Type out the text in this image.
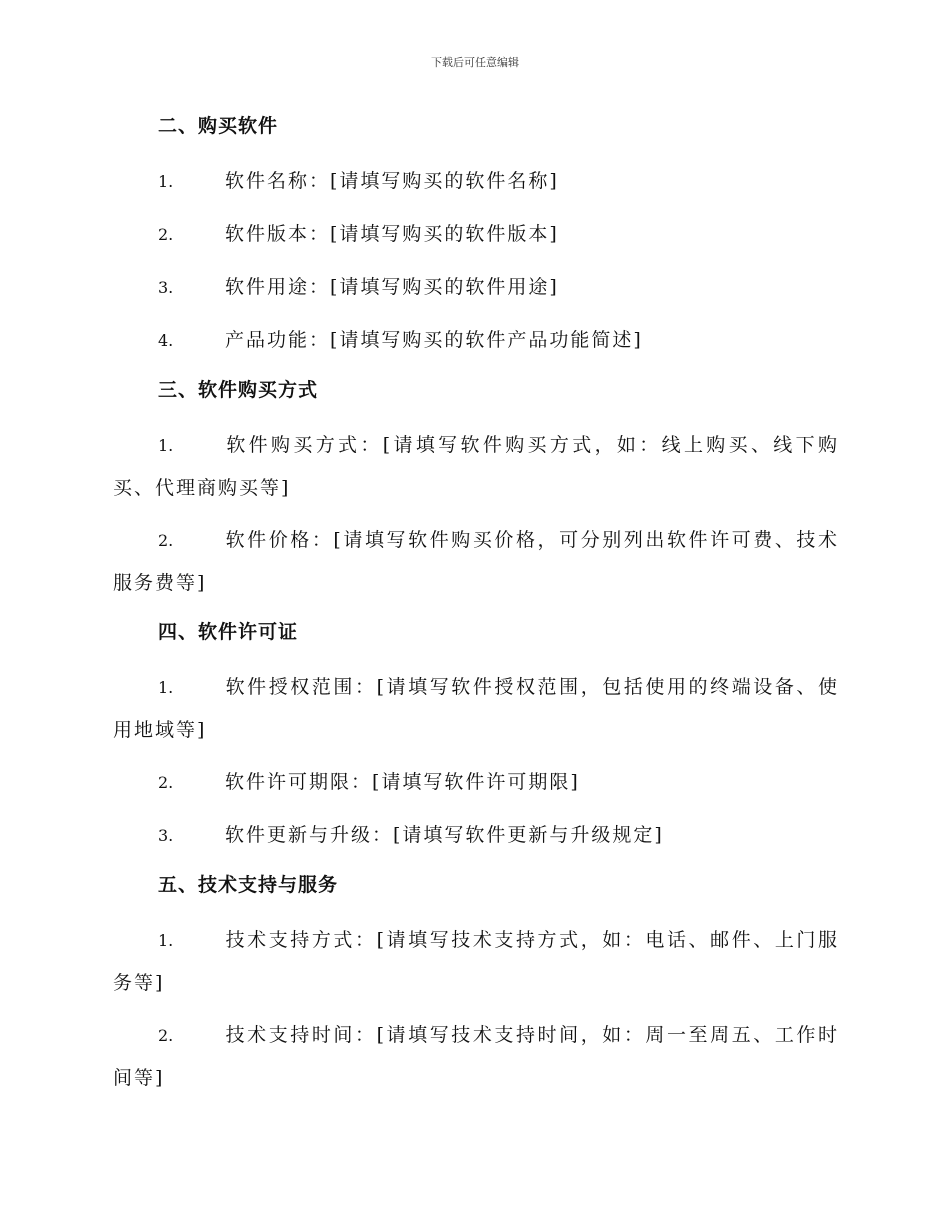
下载后可任意编辑
二、购买软件
1.	软件名称：[请填写购买的软件名称]
2.	软件版本：[请填写购买的软件版本]
3.	软件用途：[请填写购买的软件用途]
4.	产品功能：[请填写购买的软件产品功能简述]
三、软件购买方式
1.	软件购买方式：[请填写软件购买方式，如：线上购买、线下购买、代理商购买等]
2.	软件价格：[请填写软件购买价格，可分别列出软件许可费、技术服务费等]
四、软件许可证
1.	软件授权范围：[请填写软件授权范围，包括使用的终端设备、使用地域等]
2.	软件许可期限：[请填写软件许可期限]
3.	软件更新与升级：[请填写软件更新与升级规定]
五、技术支持与服务
1.	技术支持方式：[请填写技术支持方式，如：电话、邮件、上门服务等]
2.	技术支持时间：[请填写技术支持时间，如：周一至周五、工作时间等]
